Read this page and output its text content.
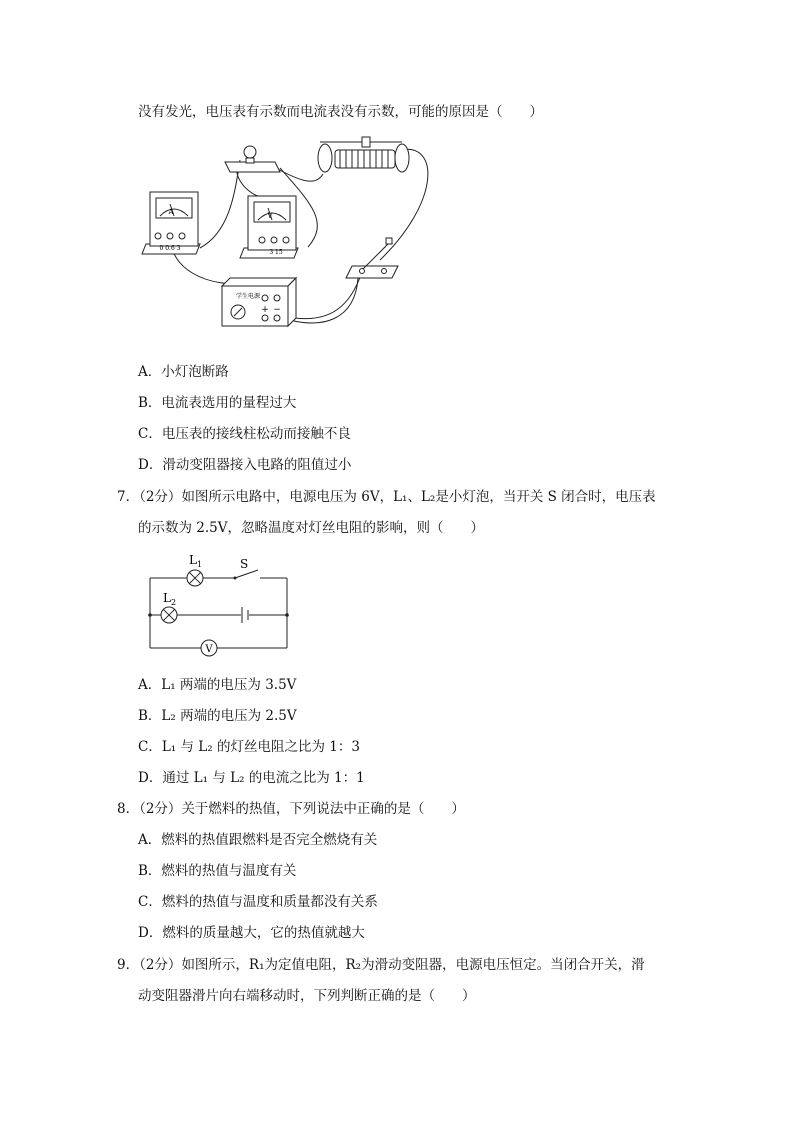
没有发光，电压表有示数而电流表没有示数，可能的原因是（　　）
A
0 0.6 3
V
3 15
学生电源
+ −
A．小灯泡断路
B．电流表选用的量程过大
C．电压表的接线柱松动而接触不良
D．滑动变阻器接入电路的阻值过小
7．（2分）如图所示电路中，电源电压为 6V，L₁、L₂是小灯泡，当开关 S 闭合时，电压表
的示数为 2.5V，忽略温度对灯丝电阻的影响，则（　　）
V
$L_1$
$L_2$
S
A．L₁ 两端的电压为 3.5V
B．L₂ 两端的电压为 2.5V
C．L₁ 与 L₂ 的灯丝电阻之比为 1：3
D．通过 L₁ 与 L₂ 的电流之比为 1：1
8．（2分）关于燃料的热值，下列说法中正确的是（　　）
A．燃料的热值跟燃料是否完全燃烧有关
B．燃料的热值与温度有关
C．燃料的热值与温度和质量都没有关系
D．燃料的质量越大，它的热值就越大
9．（2分）如图所示，R₁为定值电阻，R₂为滑动变阻器，电源电压恒定。当闭合开关，滑
动变阻器滑片向右端移动时，下列判断正确的是（　　）
